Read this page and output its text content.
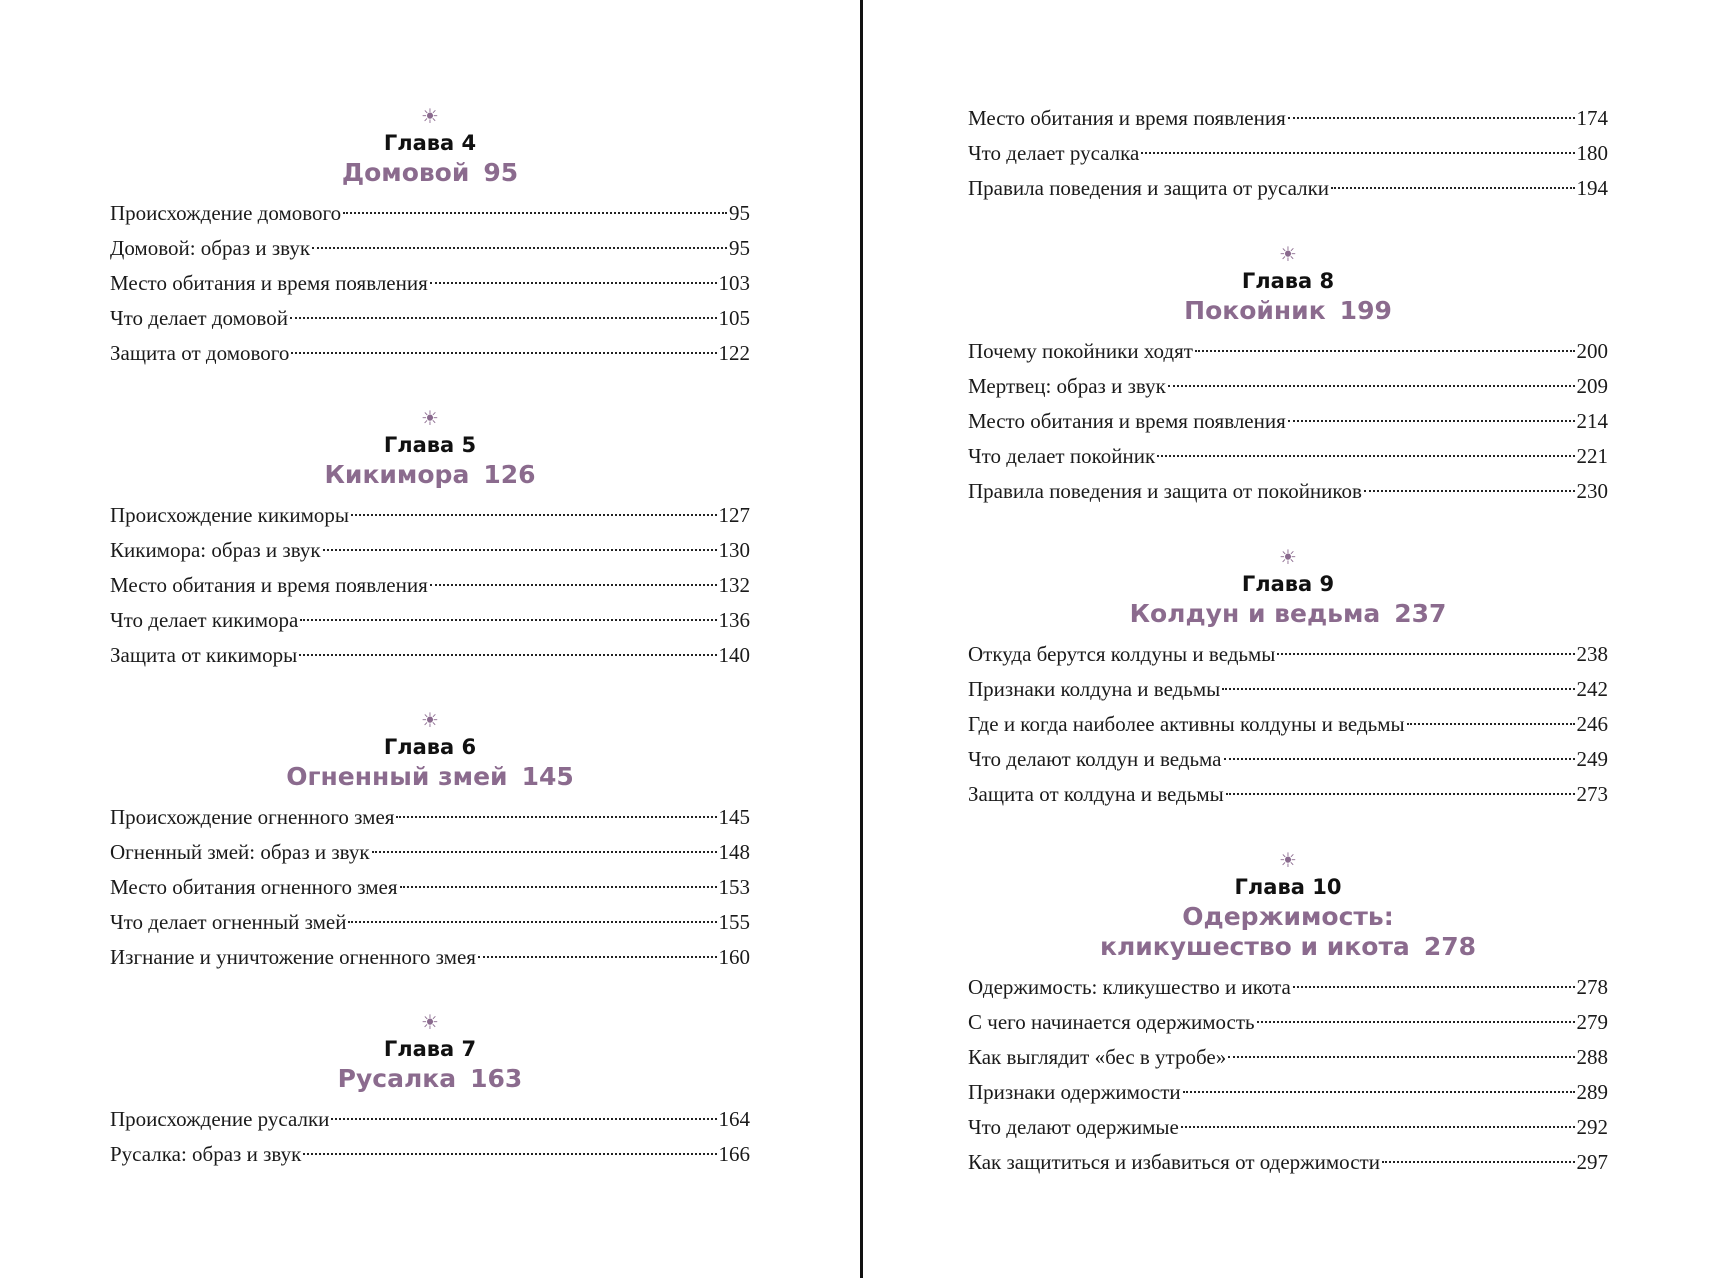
☀
Глава 4
Домовой 95
Происхождение домового	95
Домовой: образ и звук	95
Место обитания и время появления	103
Что делает домовой	105
Защита от домового	122
☀
Глава 5
Кикимора 126
Происхождение кикиморы	127
Кикимора: образ и звук	130
Место обитания и время появления	132
Что делает кикимора	136
Защита от кикиморы	140
☀
Глава 6
Огненный змей 145
Происхождение огненного змея	145
Огненный змей: образ и звук	148
Место обитания огненного змея	153
Что делает огненный змей	155
Изгнание и уничтожение огненного змея	160
☀
Глава 7
Русалка 163
Происхождение русалки	164
Русалка: образ и звук	166
Место обитания и время появления	174
Что делает русалка	180
Правила поведения и защита от русалки	194
☀
Глава 8
Покойник 199
Почему покойники ходят	200
Мертвец: образ и звук	209
Место обитания и время появления	214
Что делает покойник	221
Правила поведения и защита от покойников	230
☀
Глава 9
Колдун и ведьма 237
Откуда берутся колдуны и ведьмы	238
Признаки колдуна и ведьмы	242
Где и когда наиболее активны колдуны и ведьмы	246
Что делают колдун и ведьма	249
Защита от колдуна и ведьмы	273
☀
Глава 10
Одержимость:
кликушество и икота 278
Одержимость: кликушество и икота	278
С чего начинается одержимость	279
Как выглядит «бес в утробе»	288
Признаки одержимости	289
Что делают одержимые	292
Как защититься и избавиться от одержимости	297
